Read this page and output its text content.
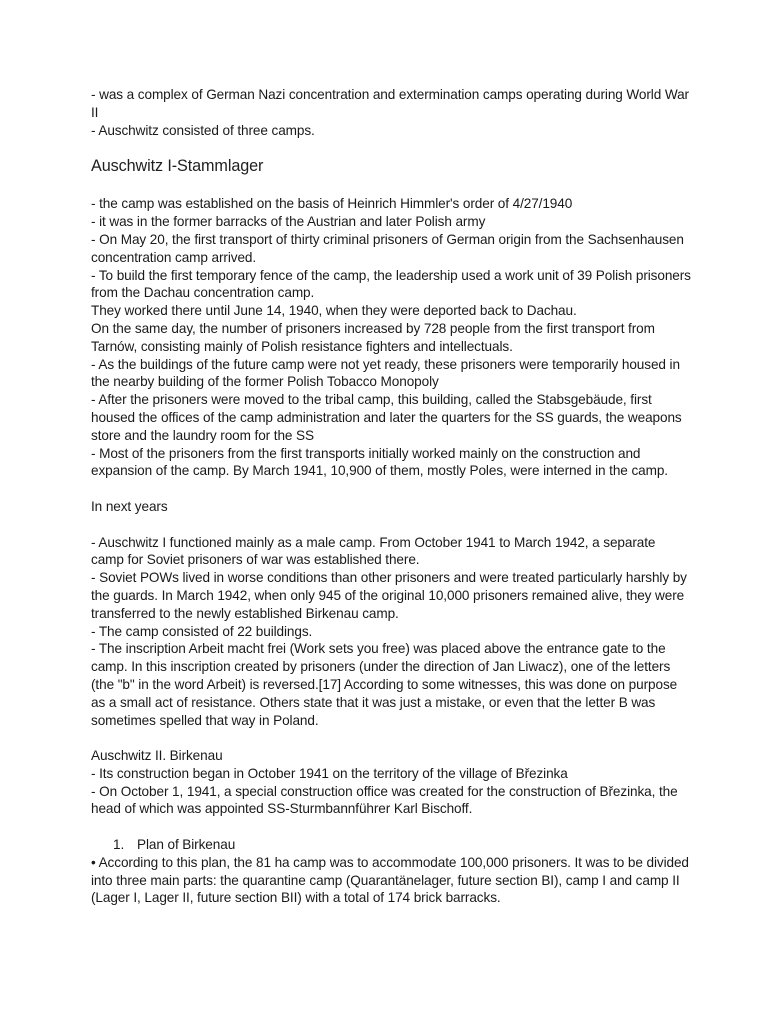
- was a complex of German Nazi concentration and extermination camps operating during World War II

- Auschwitz consisted of three camps.

Auschwitz I-Stammlager

- the camp was established on the basis of Heinrich Himmler's order of 4/27/1940

- it was in the former barracks of the Austrian and later Polish army

- On May 20, the first transport of thirty criminal prisoners of German origin from the Sachsenhausen concentration camp arrived.

- To build the first temporary fence of the camp, the leadership used a work unit of 39 Polish prisoners from the Dachau concentration camp.

They worked there until June 14, 1940, when they were deported back to Dachau.

On the same day, the number of prisoners increased by 728 people from the first transport from Tarnów, consisting mainly of Polish resistance fighters and intellectuals.

- As the buildings of the future camp were not yet ready, these prisoners were temporarily housed in the nearby building of the former Polish Tobacco Monopoly

- After the prisoners were moved to the tribal camp, this building, called the Stabsgebäude, first housed the offices of the camp administration and later the quarters for the SS guards, the weapons store and the laundry room for the SS

- Most of the prisoners from the first transports initially worked mainly on the construction and expansion of the camp. By March 1941, 10,900 of them, mostly Poles, were interned in the camp.

In next years

- Auschwitz I functioned mainly as a male camp. From October 1941 to March 1942, a separate camp for Soviet prisoners of war was established there.

- Soviet POWs lived in worse conditions than other prisoners and were treated particularly harshly by the guards. In March 1942, when only 945 of the original 10,000 prisoners remained alive, they were transferred to the newly established Birkenau camp.

- The camp consisted of 22 buildings.

- The inscription Arbeit macht frei (Work sets you free) was placed above the entrance gate to the camp. In this inscription created by prisoners (under the direction of Jan Liwacz), one of the letters (the "b" in the word Arbeit) is reversed.[17] According to some witnesses, this was done on purpose as a small act of resistance. Others state that it was just a mistake, or even that the letter B was sometimes spelled that way in Poland.

Auschwitz II. Birkenau

- Its construction began in October 1941 on the territory of the village of Březinka

- On October 1, 1941, a special construction office was created for the construction of Březinka, the head of which was appointed SS-Sturmbannführer Karl Bischoff.

1. Plan of Birkenau

• According to this plan, the 81 ha camp was to accommodate 100,000 prisoners. It was to be divided into three main parts: the quarantine camp (Quarantänelager, future section BI), camp I and camp II (Lager I, Lager II, future section BII) with a total of 174 brick barracks.
